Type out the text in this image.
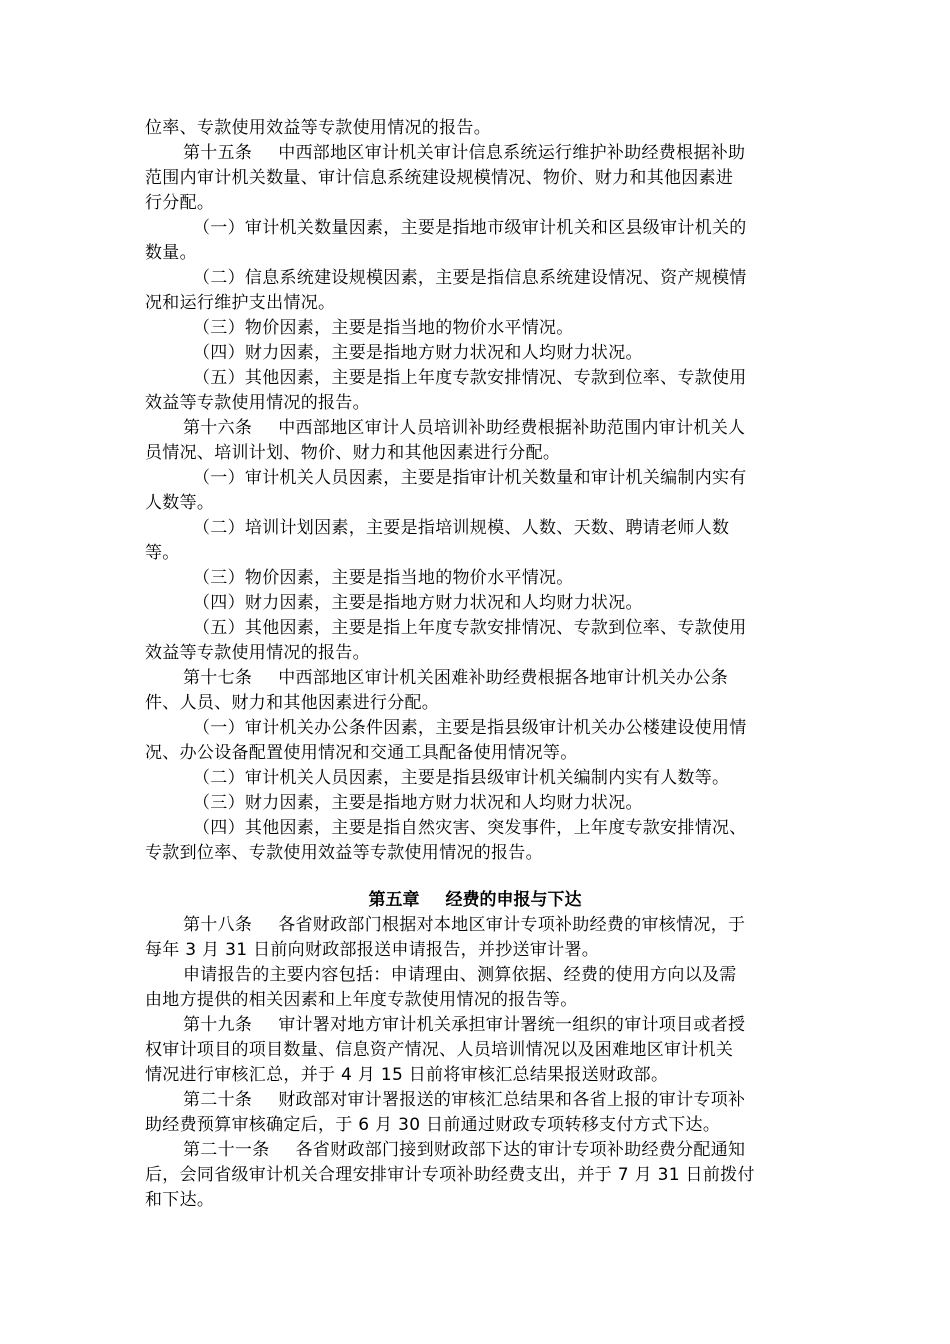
位率、专款使用效益等专款使用情况的报告。
第十五条 中西部地区审计机关审计信息系统运行维护补助经费根据补助
范围内审计机关数量、审计信息系统建设规模情况、物价、财力和其他因素进
行分配。
（一）审计机关数量因素，主要是指地市级审计机关和区县级审计机关的
数量。
（二）信息系统建设规模因素，主要是指信息系统建设情况、资产规模情
况和运行维护支出情况。
（三）物价因素，主要是指当地的物价水平情况。
（四）财力因素，主要是指地方财力状况和人均财力状况。
（五）其他因素，主要是指上年度专款安排情况、专款到位率、专款使用
效益等专款使用情况的报告。
第十六条 中西部地区审计人员培训补助经费根据补助范围内审计机关人
员情况、培训计划、物价、财力和其他因素进行分配。
（一）审计机关人员因素，主要是指审计机关数量和审计机关编制内实有
人数等。
（二）培训计划因素，主要是指培训规模、人数、天数、聘请老师人数
等。
（三）物价因素，主要是指当地的物价水平情况。
（四）财力因素，主要是指地方财力状况和人均财力状况。
（五）其他因素，主要是指上年度专款安排情况、专款到位率、专款使用
效益等专款使用情况的报告。
第十七条 中西部地区审计机关困难补助经费根据各地审计机关办公条
件、人员、财力和其他因素进行分配。
（一）审计机关办公条件因素，主要是指县级审计机关办公楼建设使用情
况、办公设备配置使用情况和交通工具配备使用情况等。
（二）审计机关人员因素，主要是指县级审计机关编制内实有人数等。
（三）财力因素，主要是指地方财力状况和人均财力状况。
（四）其他因素，主要是指自然灾害、突发事件，上年度专款安排情况、
专款到位率、专款使用效益等专款使用情况的报告。
第五章 经费的申报与下达
第十八条 各省财政部门根据对本地区审计专项补助经费的审核情况，于
每年 3 月 31 日前向财政部报送申请报告，并抄送审计署。
申请报告的主要内容包括：申请理由、测算依据、经费的使用方向以及需
由地方提供的相关因素和上年度专款使用情况的报告等。
第十九条 审计署对地方审计机关承担审计署统一组织的审计项目或者授
权审计项目的项目数量、信息资产情况、人员培训情况以及困难地区审计机关
情况进行审核汇总，并于 4 月 15 日前将审核汇总结果报送财政部。
第二十条 财政部对审计署报送的审核汇总结果和各省上报的审计专项补
助经费预算审核确定后，于 6 月 30 日前通过财政专项转移支付方式下达。
第二十一条 各省财政部门接到财政部下达的审计专项补助经费分配通知
后，会同省级审计机关合理安排审计专项补助经费支出，并于 7 月 31 日前拨付
和下达。
